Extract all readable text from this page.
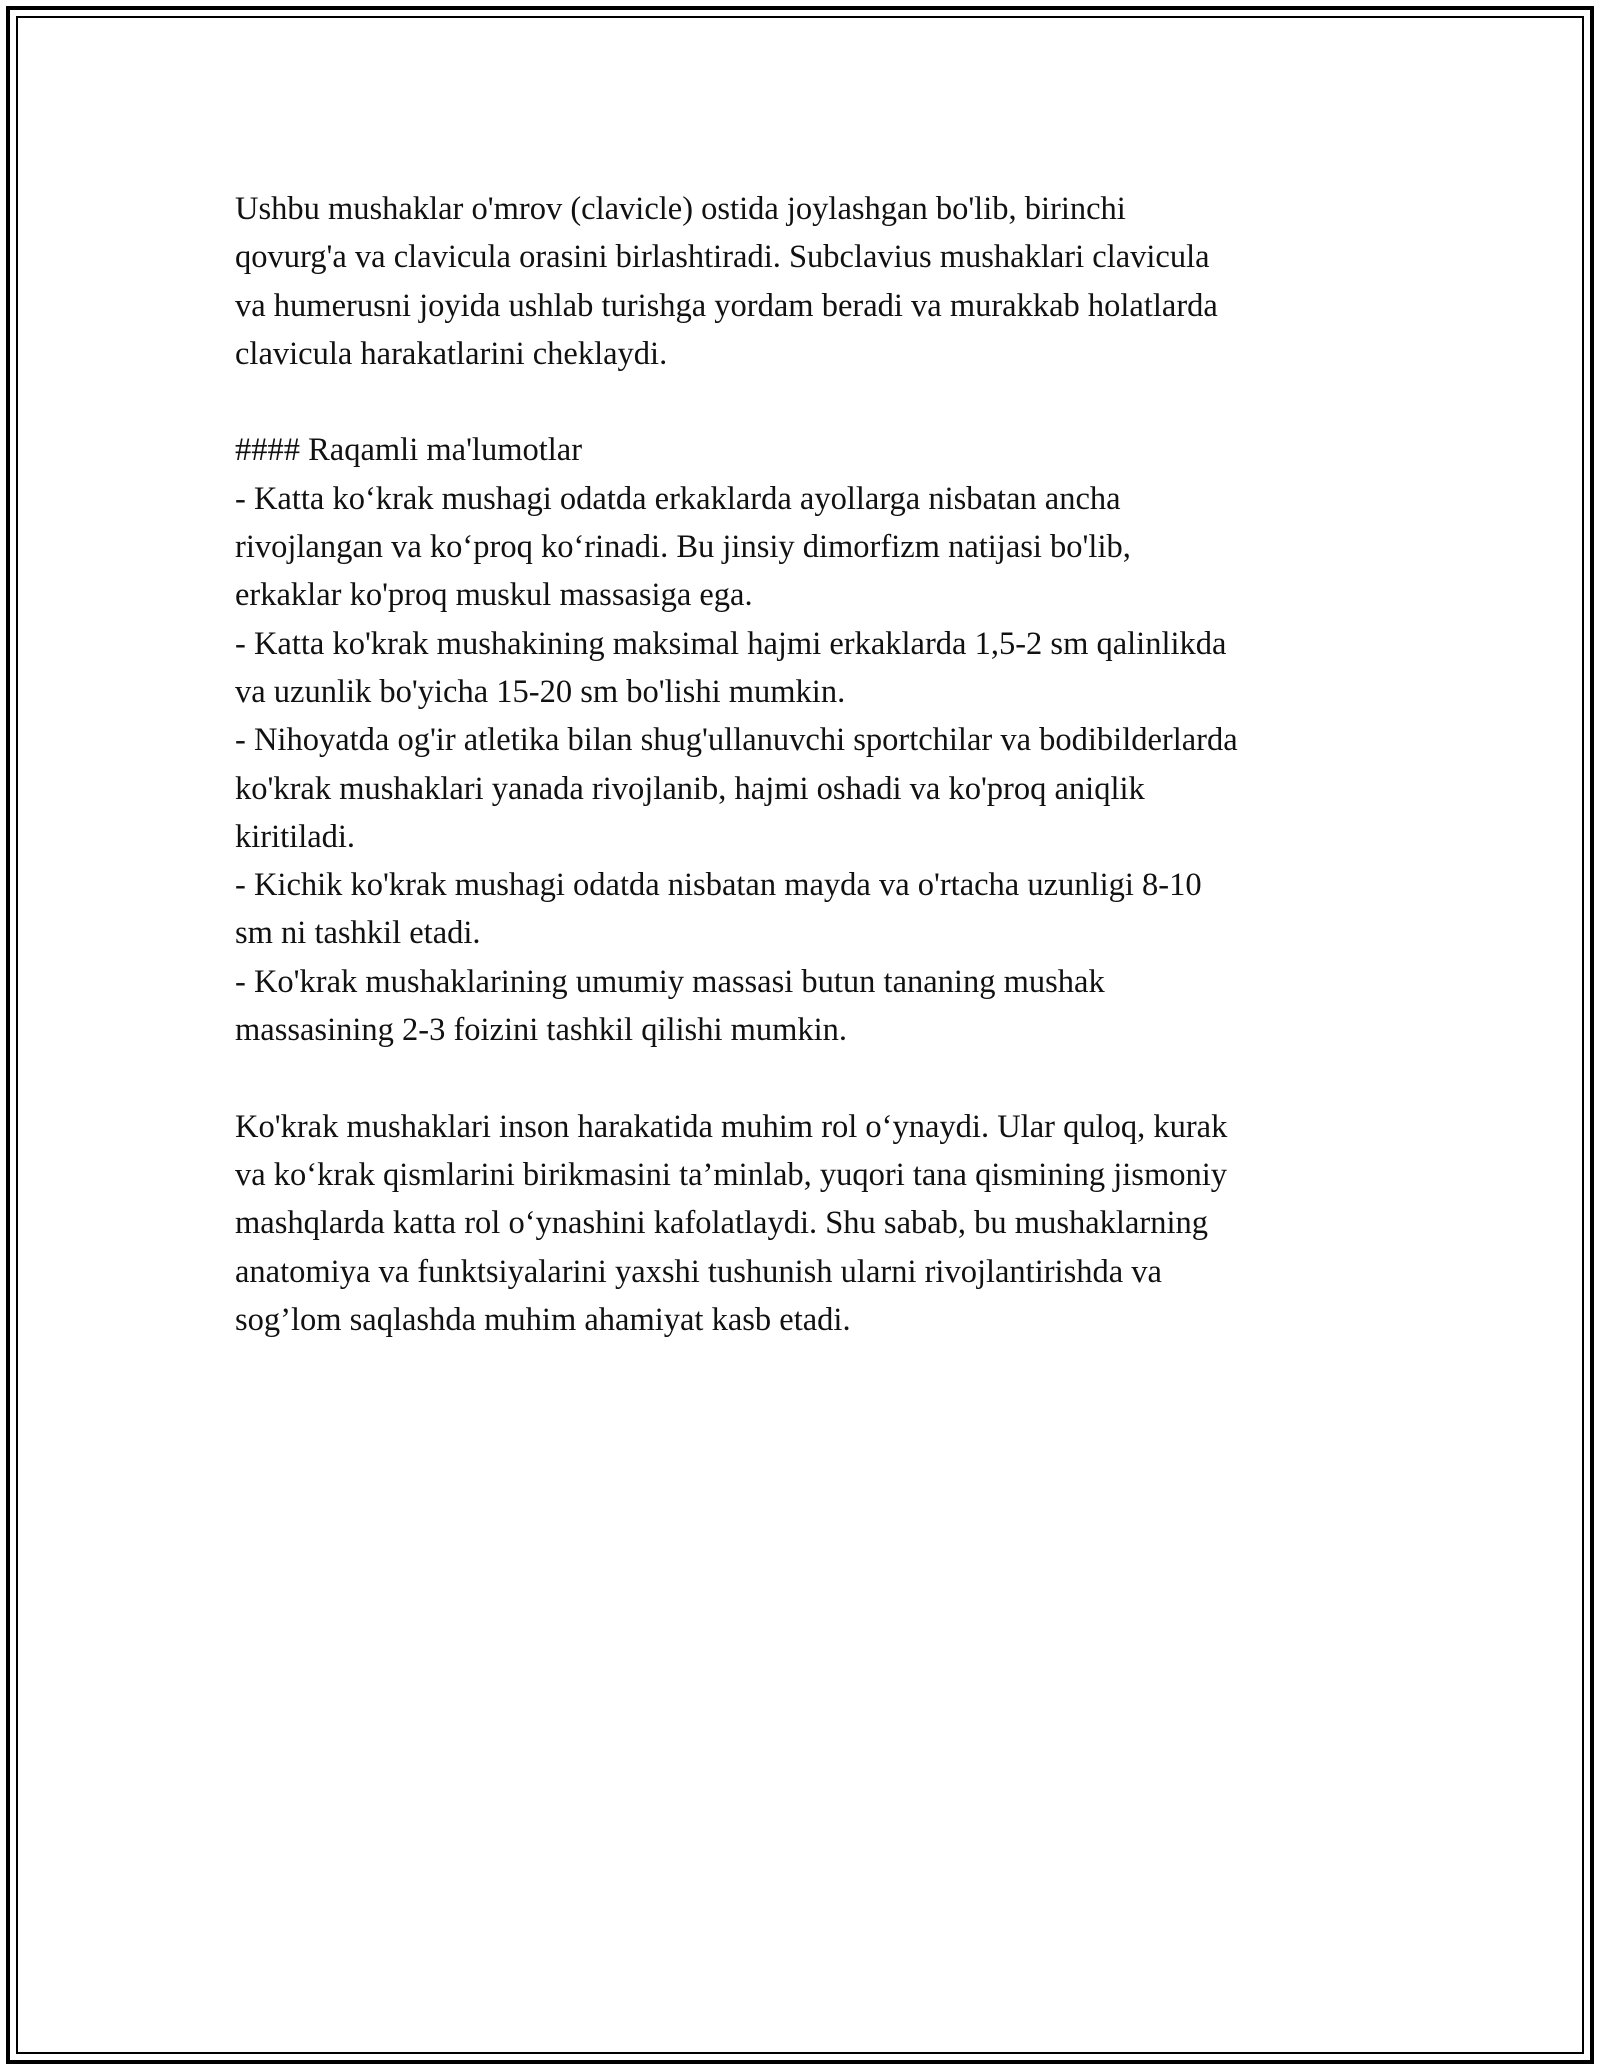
Ushbu mushaklar o'mrov (clavicle) ostida joylashgan bo'lib, birinchi
qovurg'a va clavicula orasini birlashtiradi. Subclavius mushaklari clavicula
va humerusni joyida ushlab turishga yordam beradi va murakkab holatlarda
clavicula harakatlarini cheklaydi.

#### Raqamli ma'lumotlar

- Katta ko‘krak mushagi odatda erkaklarda ayollarga nisbatan ancha
rivojlangan va ko‘proq ko‘rinadi. Bu jinsiy dimorfizm natijasi bo'lib,
erkaklar ko'proq muskul massasiga ega.

- Katta ko'krak mushakining maksimal hajmi erkaklarda 1,5-2 sm qalinlikda
va uzunlik bo'yicha 15-20 sm bo'lishi mumkin.

- Nihoyatda og'ir atletika bilan shug'ullanuvchi sportchilar va bodibilderlarda
ko'krak mushaklari yanada rivojlanib, hajmi oshadi va ko'proq aniqlik
kiritiladi.

- Kichik ko'krak mushagi odatda nisbatan mayda va o'rtacha uzunligi 8-10
sm ni tashkil etadi.

- Ko'krak mushaklarining umumiy massasi butun tananing mushak
massasining 2-3 foizini tashkil qilishi mumkin.

Ko'krak mushaklari inson harakatida muhim rol o‘ynaydi. Ular quloq, kurak
va ko‘krak qismlarini birikmasini ta’minlab, yuqori tana qismining jismoniy
mashqlarda katta rol o‘ynashini kafolatlaydi. Shu sabab, bu mushaklarning
anatomiya va funktsiyalarini yaxshi tushunish ularni rivojlantirishda va
sog’lom saqlashda muhim ahamiyat kasb etadi.
